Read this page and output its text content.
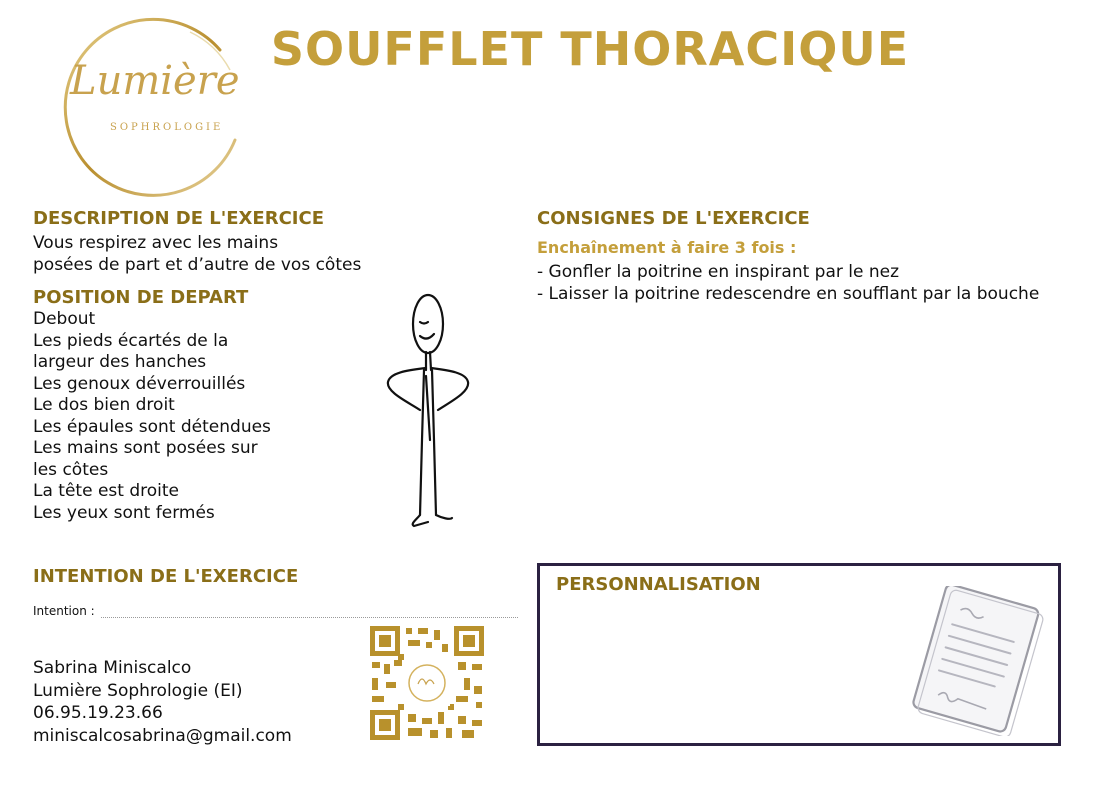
Lumière
SOPHROLOGIE
SOUFFLET THORACIQUE
DESCRIPTION DE L'EXERCICE
Vous respirez avec les mains
posées de part et d’autre de vos côtes
POSITION DE DEPART
Debout
Les pieds écartés de la
largeur des hanches
Les genoux déverrouillés
Le dos bien droit
Les épaules sont détendues
Les mains sont posées sur
les côtes
La tête est droite
Les yeux sont fermés
CONSIGNES DE L'EXERCICE
Enchaînement à faire 3 fois :
- Gonfler la poitrine en inspirant par le nez
- Laisser la poitrine redescendre en soufflant par la bouche
INTENTION DE L'EXERCICE
Intention :
Sabrina Miniscalco
Lumière Sophrologie (EI)
06.95.19.23.66
miniscalcosabrina@gmail.com
PERSONNALISATION
